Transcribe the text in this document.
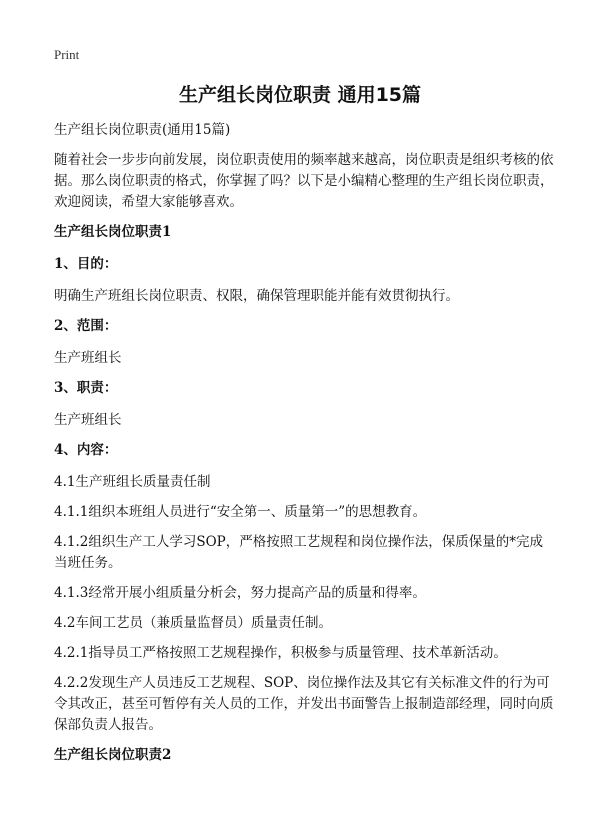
Print
生产组长岗位职责 通用15篇

生产组长岗位职责(通用15篇)

随着社会一步步向前发展，岗位职责使用的频率越来越高，岗位职责是组织考核的依据。那么岗位职责的格式，你掌握了吗？以下是小编精心整理的生产组长岗位职责，欢迎阅读，希望大家能够喜欢。

生产组长岗位职责1
1、目的：

明确生产班组长岗位职责、权限，确保管理职能并能有效贯彻执行。

2、范围：

生产班组长

3、职责：

生产班组长

4、内容：

4.1生产班组长质量责任制

4.1.1组织本班组人员进行“安全第一、质量第一”的思想教育。

4.1.2组织生产工人学习SOP，严格按照工艺规程和岗位操作法，保质保量的*完成当班任务。

4.1.3经常开展小组质量分析会，努力提高产品的质量和得率。

4.2车间工艺员（兼质量监督员）质量责任制。

4.2.1指导员工严格按照工艺规程操作，积极参与质量管理、技术革新活动。

4.2.2发现生产人员违反工艺规程、SOP、岗位操作法及其它有关标准文件的行为可令其改正，甚至可暂停有关人员的工作，并发出书面警告上报制造部经理，同时向质保部负责人报告。

生产组长岗位职责2
